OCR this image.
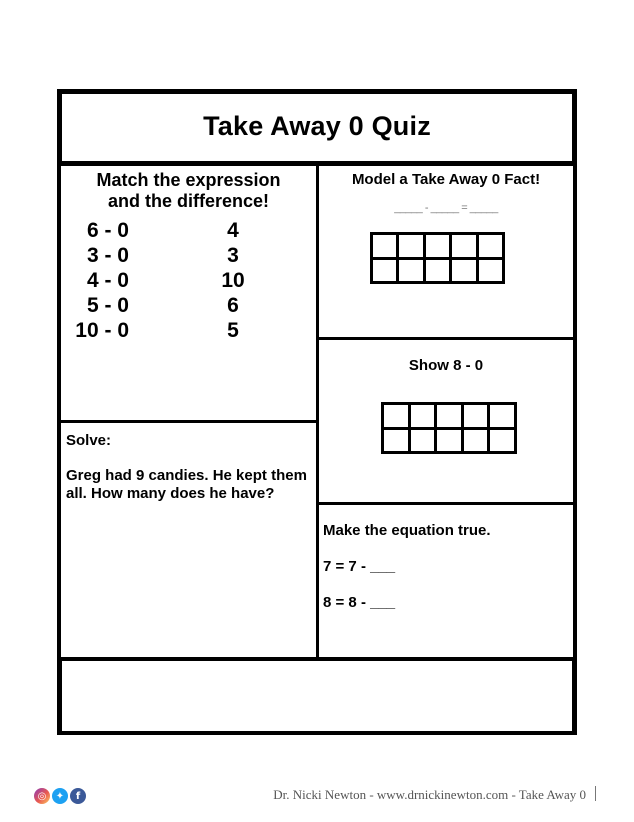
Take Away 0 Quiz
Match the expression
and the difference!
6 - 0	4
3 - 0	3
4 - 0	10
5 - 0	6
10 - 0	5
Model a Take Away 0 Fact!
_____ - _____ = _____
Show 8 - 0
Solve:
Greg had 9 candies. He kept them all. How many does he have?
Make the equation true.
7 = 7 - ___
8 = 8 - ___
◎ ✦	f	Dr. Nicki Newton - www.drnickinewton.com - Take Away 0
